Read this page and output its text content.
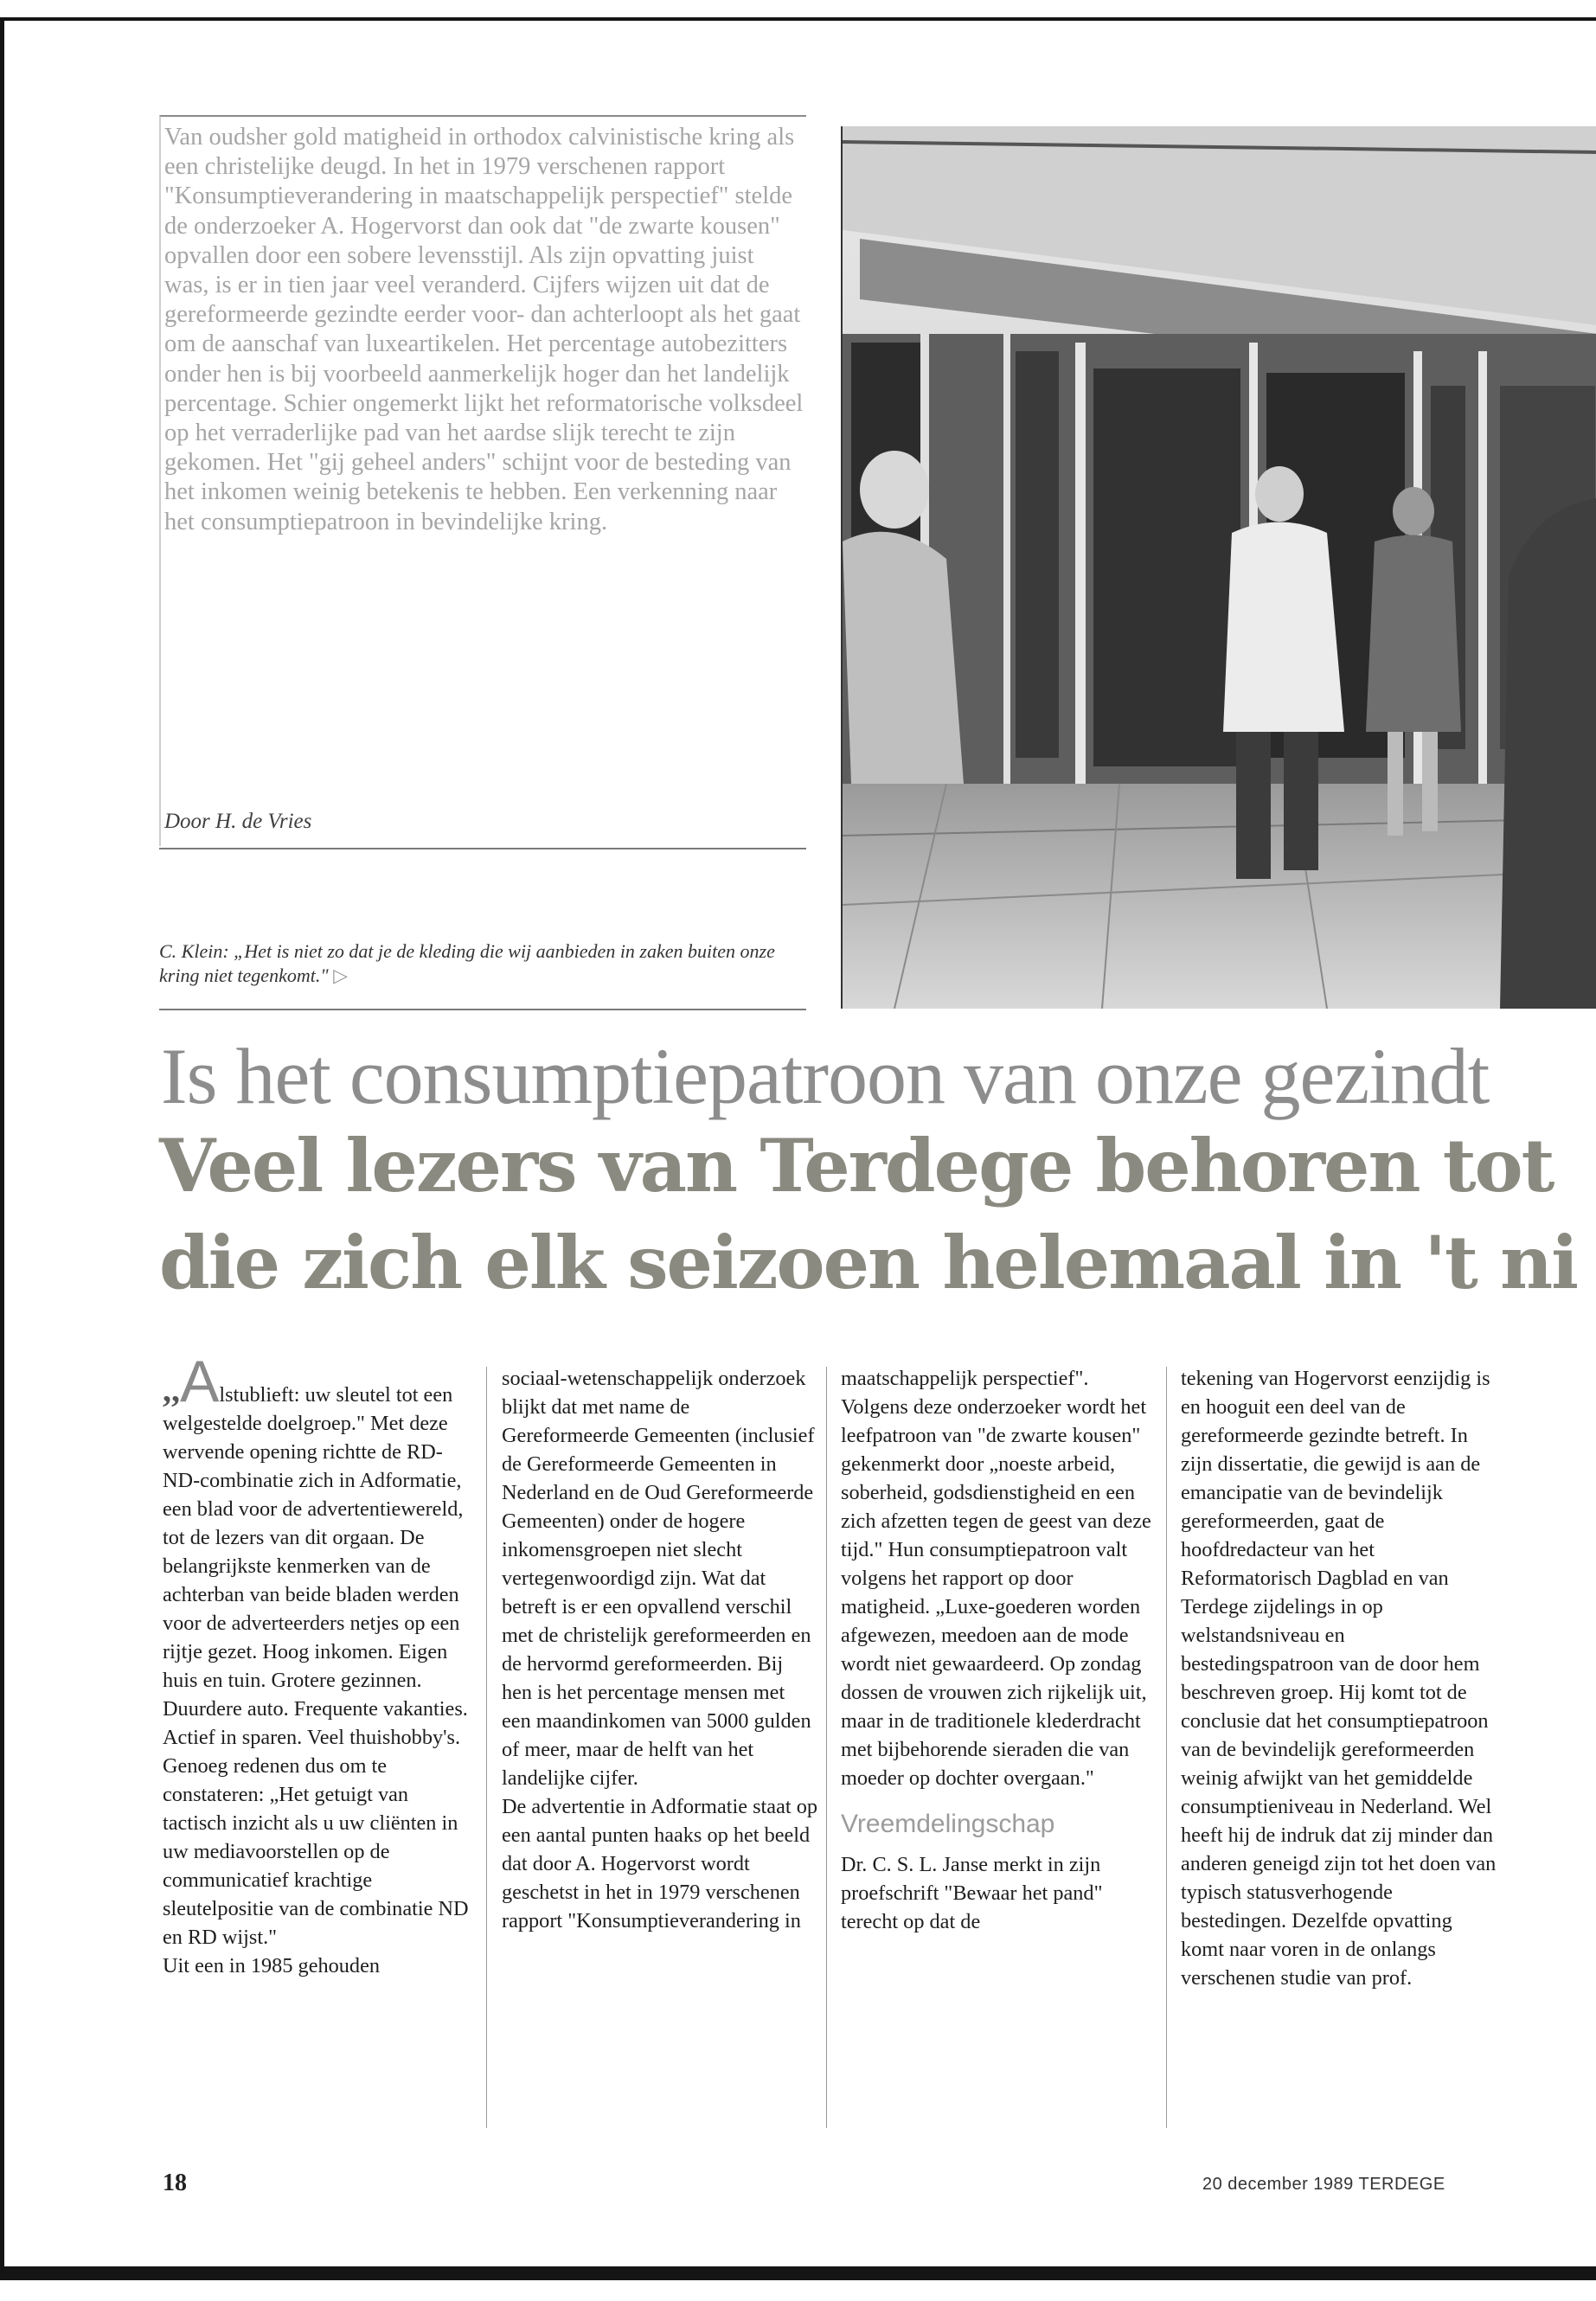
Van oudsher gold matigheid in orthodox calvinistische kring als een christelijke deugd. In het in 1979 verschenen rapport "Konsumptieverandering in maatschappelijk perspectief" stelde de onderzoeker A. Hogervorst dan ook dat "de zwarte kousen" opvallen door een sobere levensstijl. Als zijn opvatting juist was, is er in tien jaar veel veranderd. Cijfers wijzen uit dat de gereformeerde gezindte eerder voor- dan achterloopt als het gaat om de aanschaf van luxeartikelen. Het percentage autobezitters onder hen is bij voorbeeld aanmerkelijk hoger dan het landelijk percentage. Schier ongemerkt lijkt het reformatorische volksdeel op het verraderlijke pad van het aardse slijk terecht te zijn gekomen. Het "gij geheel anders" schijnt voor de besteding van het inkomen weinig betekenis te hebben. Een verkenning naar het consumptiepatroon in bevindelijke kring.

Door H. de Vries
C. Klein: „Het is niet zo dat je de kleding die wij aanbieden in zaken buiten onze kring niet tegenkomt." ▷
Is het consumptiepatroon van onze gezindt
Veel lezers van Terdege behoren tot
die zich elk seizoen helemaal in 't ni

,,Alstublieft: uw sleutel tot een welgestelde doelgroep." Met deze wervende opening richtte de RD-ND-combinatie zich in Adformatie, een blad voor de advertentiewereld, tot de lezers van dit orgaan. De belangrijkste kenmerken van de achterban van beide bladen werden voor de adverteerders netjes op een rijtje gezet. Hoog inkomen. Eigen huis en tuin. Grotere gezinnen. Duurdere auto. Frequente vakanties. Actief in sparen. Veel thuishobby's. Genoeg redenen dus om te constateren: „Het getuigt van tactisch inzicht als u uw cliënten in uw mediavoorstellen op de communicatief krachtige sleutelpositie van de combinatie ND en RD wijst."

Uit een in 1985 gehouden

sociaal-wetenschappelijk onderzoek blijkt dat met name de Gereformeerde Gemeenten (inclusief de Gereformeerde Gemeenten in Nederland en de Oud Gereformeerde Gemeenten) onder de hogere inkomensgroepen niet slecht vertegenwoordigd zijn. Wat dat betreft is er een opvallend verschil met de christelijk gereformeerden en de hervormd gereformeerden. Bij hen is het percentage mensen met een maandinkomen van 5000 gulden of meer, maar de helft van het landelijke cijfer.

De advertentie in Adformatie staat op een aantal punten haaks op het beeld dat door A. Hogervorst wordt geschetst in het in 1979 verschenen rapport "Konsumptieverandering in

maatschappelijk perspectief". Volgens deze onderzoeker wordt het leefpatroon van "de zwarte kousen" gekenmerkt door „noeste arbeid, soberheid, godsdienstigheid en een zich afzetten tegen de geest van deze tijd." Hun consumptiepatroon valt volgens het rapport op door matigheid. „Luxe-goederen worden afgewezen, meedoen aan de mode wordt niet gewaardeerd. Op zondag dossen de vrouwen zich rijkelijk uit, maar in de traditionele klederdracht met bijbehorende sieraden die van moeder op dochter overgaan."

Vreemdelingschap

Dr. C. S. L. Janse merkt in zijn proefschrift "Bewaar het pand" terecht op dat de

tekening van Hogervorst eenzijdig is en hooguit een deel van de gereformeerde gezindte betreft. In zijn dissertatie, die gewijd is aan de emancipatie van de bevindelijk gereformeerden, gaat de hoofdredacteur van het Reformatorisch Dagblad en van Terdege zijdelings in op welstandsniveau en bestedingspatroon van de door hem beschreven groep. Hij komt tot de conclusie dat het consumptiepatroon van de bevindelijk gereformeerden weinig afwijkt van het gemiddelde consumptieniveau in Nederland. Wel heeft hij de indruk dat zij minder dan anderen geneigd zijn tot het doen van typisch statusverhogende bestedingen. Dezelfde opvatting komt naar voren in de onlangs verschenen studie van prof.

18	20 december 1989 TERDEGE
